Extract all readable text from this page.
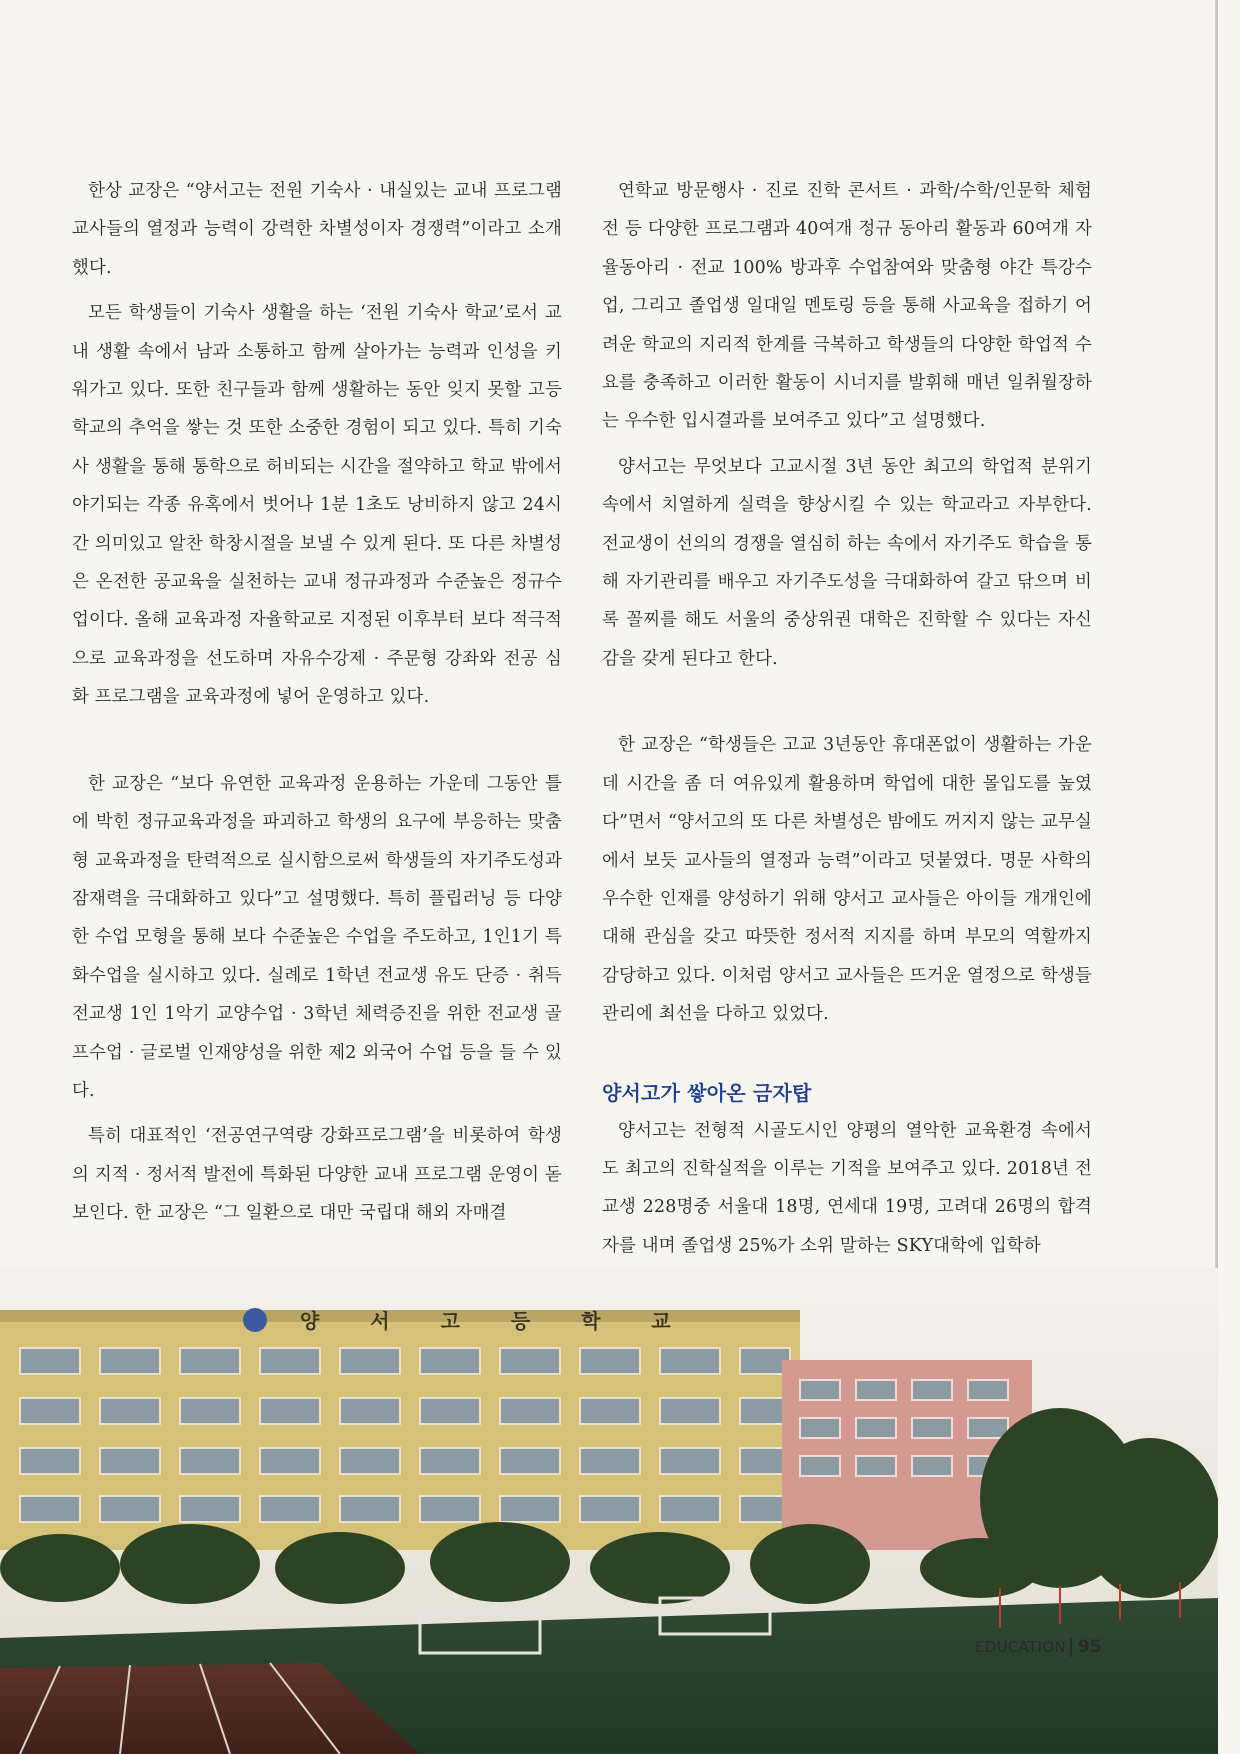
한상 교장은 “양서고는 전원 기숙사 · 내실있는 교내 프로그램 교사들의 열정과 능력이 강력한 차별성이자 경쟁력”이라고 소개했다.

모든 학생들이 기숙사 생활을 하는 ‘전원 기숙사 학교’로서 교내 생활 속에서 남과 소통하고 함께 살아가는 능력과 인성을 키워가고 있다. 또한 친구들과 함께 생활하는 동안 잊지 못할 고등학교의 추억을 쌓는 것 또한 소중한 경험이 되고 있다. 특히 기숙사 생활을 통해 통학으로 허비되는 시간을 절약하고 학교 밖에서 야기되는 각종 유혹에서 벗어나 1분 1초도 낭비하지 않고 24시간 의미있고 알찬 학창시절을 보낼 수 있게 된다. 또 다른 차별성은 온전한 공교육을 실천하는 교내 정규과정과 수준높은 정규수업이다. 올해 교육과정 자율학교로 지정된 이후부터 보다 적극적으로 교육과정을 선도하며 자유수강제 · 주문형 강좌와 전공 심화 프로그램을 교육과정에 넣어 운영하고 있다.

한 교장은 “보다 유연한 교육과정 운용하는 가운데 그동안 틀에 박힌 정규교육과정을 파괴하고 학생의 요구에 부응하는 맞춤형 교육과정을 탄력적으로 실시함으로써 학생들의 자기주도성과 잠재력을 극대화하고 있다”고 설명했다. 특히 플립러닝 등 다양한 수업 모형을 통해 보다 수준높은 수업을 주도하고, 1인1기 특화수업을 실시하고 있다. 실례로 1학년 전교생 유도 단증 · 취득 전교생 1인 1악기 교양수업 · 3학년 체력증진을 위한 전교생 골프수업 · 글로벌 인재양성을 위한 제2 외국어 수업 등을 들 수 있다.

특히 대표적인 ‘전공연구역량 강화프로그램’을 비롯하여 학생의 지적 · 정서적 발전에 특화된 다양한 교내 프로그램 운영이 돋보인다. 한 교장은 “그 일환으로 대만 국립대 해외 자매결

연학교 방문행사 · 진로 진학 콘서트 · 과학/수학/인문학 체험전 등 다양한 프로그램과 40여개 정규 동아리 활동과 60여개 자율동아리 · 전교 100% 방과후 수업참여와 맞춤형 야간 특강수업, 그리고 졸업생 일대일 멘토링 등을 통해 사교육을 접하기 어려운 학교의 지리적 한계를 극복하고 학생들의 다양한 학업적 수요를 충족하고 이러한 활동이 시너지를 발휘해 매년 일취월장하는 우수한 입시결과를 보여주고 있다”고 설명했다.

양서고는 무엇보다 고교시절 3년 동안 최고의 학업적 분위기 속에서 치열하게 실력을 향상시킬 수 있는 학교라고 자부한다. 전교생이 선의의 경쟁을 열심히 하는 속에서 자기주도 학습을 통해 자기관리를 배우고 자기주도성을 극대화하여 갈고 닦으며 비록 꼴찌를 해도 서울의 중상위권 대학은 진학할 수 있다는 자신감을 갖게 된다고 한다.

한 교장은 “학생들은 고교 3년동안 휴대폰없이 생활하는 가운데 시간을 좀 더 여유있게 활용하며 학업에 대한 몰입도를 높였다”면서 “양서고의 또 다른 차별성은 밤에도 꺼지지 않는 교무실에서 보듯 교사들의 열정과 능력”이라고 덧붙였다. 명문 사학의 우수한 인재를 양성하기 위해 양서고 교사들은 아이들 개개인에 대해 관심을 갖고 따뜻한 정서적 지지를 하며 부모의 역할까지 감당하고 있다. 이처럼 양서고 교사들은 뜨거운 열정으로 학생들 관리에 최선을 다하고 있었다.

양서고가 쌓아온 금자탑

양서고는 전형적 시골도시인 양평의 열악한 교육환경 속에서도 최고의 진학실적을 이루는 기적을 보여주고 있다. 2018년 전교생 228명중 서울대 18명, 연세대 19명, 고려대 26명의 합격자를 내며 졸업생 25%가 소위 말하는 SKY대학에 입학하

양 서 고 등 학 교
EDUCATION 95
